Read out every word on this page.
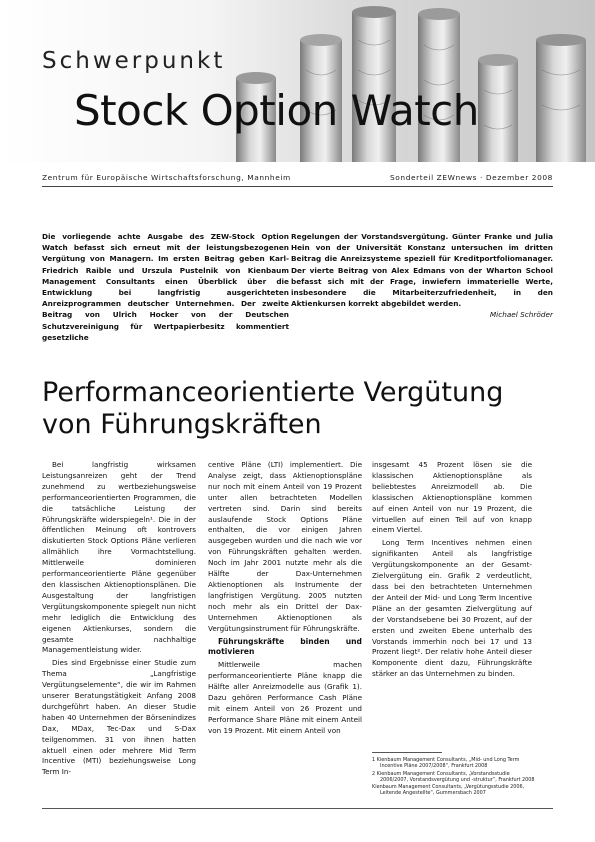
Schwerpunkt
Stock Option Watch
Zentrum für Europäische Wirtschaftsforschung, Mannheim	Sonderteil ZEWnews · Dezember 2008
Die vorliegende achte Ausgabe des ZEW-Stock Option Watch befasst sich erneut mit der leistungsbezogenen Vergütung von Managern. Im ersten Beitrag geben Karl-Friedrich Raible und Urszula Pustelnik von Kienbaum Management Consultants einen Überblick über die Entwicklung bei langfristig ausgerichteten Anreizprogrammen deutscher Unternehmen. Der zweite Beitrag von Ulrich Hocker von der Deutschen Schutzvereinigung für Wertpapierbesitz kommentiert gesetzliche
Regelungen der Vorstandsvergütung. Günter Franke und Julia Hein von der Universität Konstanz untersuchen im dritten Beitrag die Anreizsysteme speziell für Kreditportfoliomanager. Der vierte Beitrag von Alex Edmans von der Wharton School befasst sich mit der Frage, inwiefern immaterielle Werte, insbesondere die Mitarbeiterzufriedenheit, in den Aktienkursen korrekt abgebildet werden.
Michael Schröder
Performanceorientierte Vergütung
von Führungskräften

Bei langfristig wirksamen Leistungsanreizen geht der Trend zunehmend zu wertbeziehungsweise performanceorientierten Programmen, die die tatsächliche Leistung der Führungskräfte widerspiegeln¹. Die in der öffentlichen Meinung oft kontrovers diskutierten Stock Options Pläne verlieren allmählich ihre Vormachtstellung. Mittlerweile dominieren performanceorientierte Pläne gegenüber den klassischen Aktienoptionsplänen. Die Ausgestaltung der langfristigen Vergütungskomponente spiegelt nun nicht mehr lediglich die Entwicklung des eigenen Aktienkurses, sondern die gesamte nachhaltige Managementleistung wider.

Dies sind Ergebnisse einer Studie zum Thema „Langfristige Vergütungselemente“, die wir im Rahmen unserer Beratungstätigkeit Anfang 2008 durchgeführt haben. An dieser Studie haben 40 Unternehmen der Börsenindizes Dax, MDax, Tec-Dax und S-Dax teilgenommen. 31 von ihnen hatten aktuell einen oder mehrere Mid Term Incentive (MTI) beziehungsweise Long Term In-

centive Pläne (LTI) implementiert. Die Analyse zeigt, dass Aktienoptionspläne nur noch mit einem Anteil von 19 Prozent unter allen betrachteten Modellen vertreten sind. Darin sind bereits auslaufende Stock Options Pläne enthalten, die vor einigen Jahren ausgegeben wurden und die nach wie vor von Führungskräften gehalten werden. Noch im Jahr 2001 nutzte mehr als die Hälfte der Dax-Unternehmen Aktienoptionen als Instrumente der langfristigen Vergütung. 2005 nutzten noch mehr als ein Drittel der Dax-Unternehmen Aktienoptionen als Vergütungsinstrument für Führungskräfte.

Führungskräfte binden und motivieren

Mittlerweile machen performanceorientierte Pläne knapp die Hälfte aller Anreizmodelle aus (Grafik 1). Dazu gehören Performance Cash Pläne mit einem Anteil von 26 Prozent und Performance Share Pläne mit einem Anteil von 19 Prozent. Mit einem Anteil von

insgesamt 45 Prozent lösen sie die klassischen Aktienoptionspläne als beliebtestes Anreizmodell ab. Die klassischen Aktienoptionspläne kommen auf einen Anteil von nur 19 Prozent, die virtuellen auf einen Teil auf von knapp einem Viertel.

Long Term Incentives nehmen einen signifikanten Anteil als langfristige Vergütungskomponente an der Gesamt-Zielvergütung ein. Grafik 2 verdeutlicht, dass bei den betrachteten Unternehmen der Anteil der Mid- und Long Term Incentive Pläne an der gesamten Zielvergütung auf der Vorstandsebene bei 30 Prozent, auf der ersten und zweiten Ebene unterhalb des Vorstands immerhin noch bei 17 und 13 Prozent liegt². Der relativ hohe Anteil dieser Komponente dient dazu, Führungskräfte stärker an das Unternehmen zu binden.

1 Kienbaum Management Consultants, „Mid- und Long Term Incentive Pläne 2007/2008“, Frankfurt 2008
2 Kienbaum Management Consultants, „Vorstandsstudie 2006/2007, Vorstandsvergütung und -struktur“, Frankfurt 2008
Kienbaum Management Consultants, „Vergütungsstudie 2006, Leitende Angestellte“, Gummersbach 2007
